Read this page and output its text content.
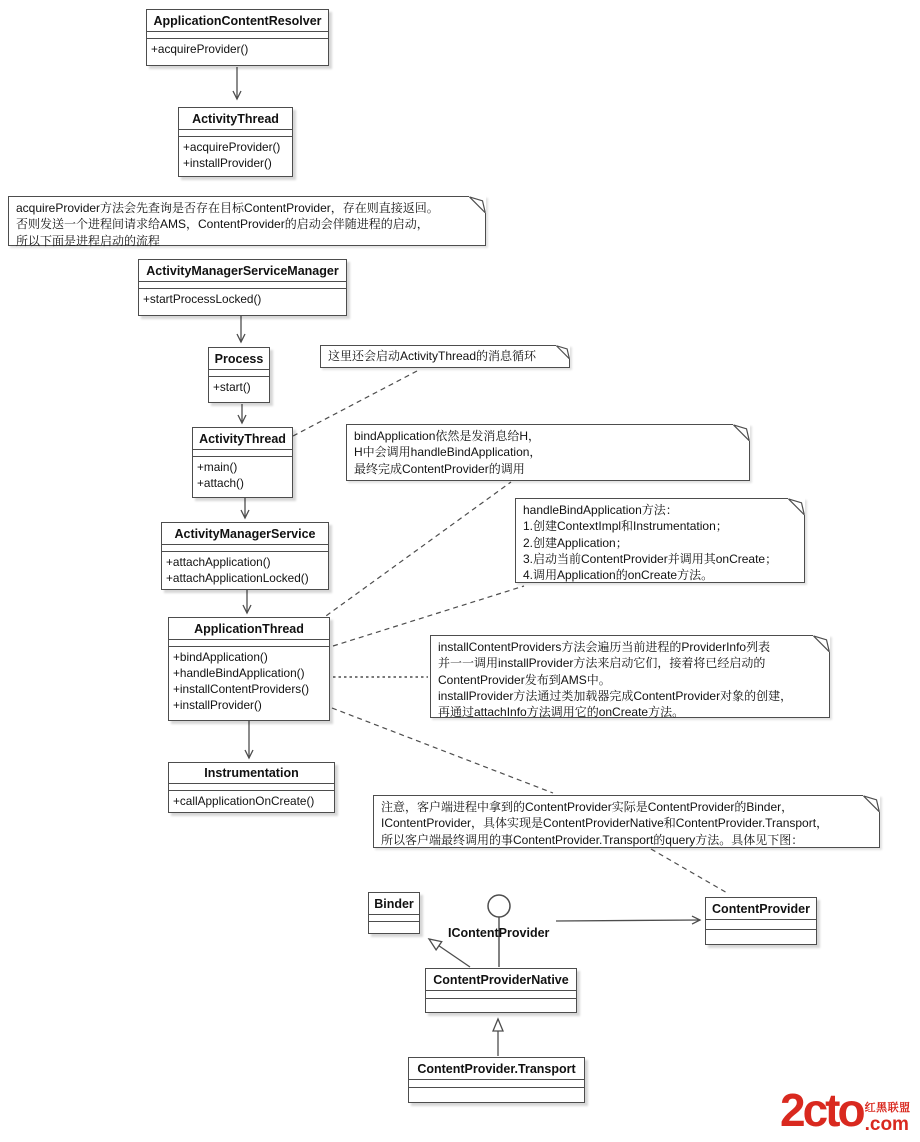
ApplicationContentResolver
+acquireProvider()
ActivityThread
+acquireProvider()
+installProvider()
ActivityManagerServiceManager
+startProcessLocked()
Process
+start()
ActivityThread
+main()
+attach()
ActivityManagerService
+attachApplication()
+attachApplicationLocked()
ApplicationThread
+bindApplication()
+handleBindApplication()
+installContentProviders()
+installProvider()
Instrumentation
+callApplicationOnCreate()
Binder	ContentProvider
ContentProviderNative
ContentProvider.Transport
acquireProvider方法会先查询是否存在目标ContentProvider，存在则直接返回。
否则发送一个进程间请求给AMS，ContentProvider的启动会伴随进程的启动，
所以下面是进程启动的流程
这里还会启动ActivityThread的消息循环
bindApplication依然是发消息给H，
H中会调用handleBindApplication，
最终完成ContentProvider的调用
handleBindApplication方法：
1.创建ContextImpl和Instrumentation；
2.创建Application；
3.启动当前ContentProvider并调用其onCreate；
4.调用Application的onCreate方法。
installContentProviders方法会遍历当前进程的ProviderInfo列表
并一一调用installProvider方法来启动它们，接着将已经启动的
ContentProvider发布到AMS中。
installProvider方法通过类加载器完成ContentProvider对象的创建，
再通过attachInfo方法调用它的onCreate方法。
注意，客户端进程中拿到的ContentProvider实际是ContentProvider的Binder，
IContentProvider，具体实现是ContentProviderNative和ContentProvider.Transport，
所以客户端最终调用的事ContentProvider.Transport的query方法。具体见下图：
IContentProvider
2cto 红黑联盟
.com
